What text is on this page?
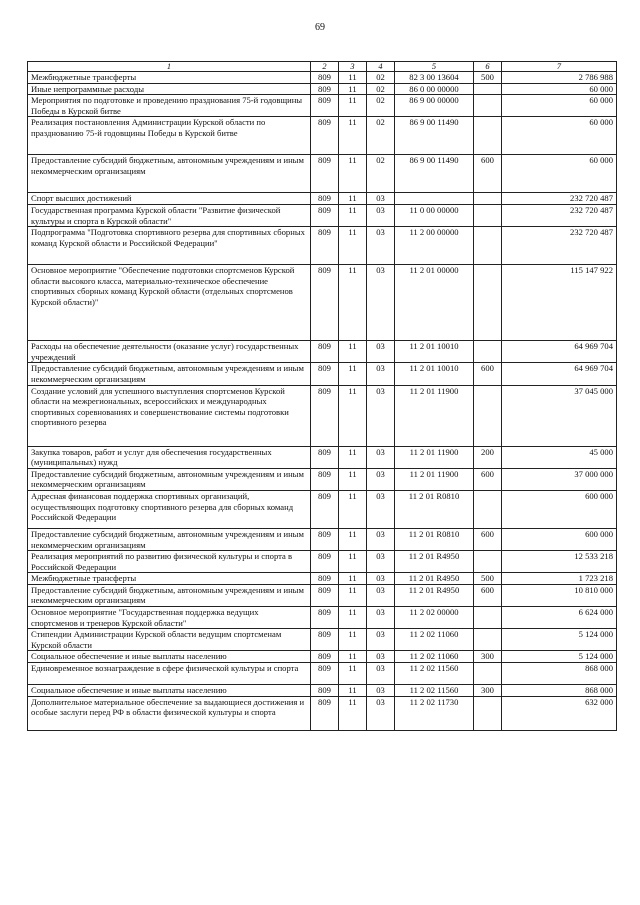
69
1	2	3	4	5	6	7
Межбюджетные трансферты	809	11	02	82 3 00 13604	500	2 786 988
Иные непрограммные расходы	809	11	02	86 0 00 00000		60 000
Мероприятия по подготовке и проведению празднования 75-й годовщины Победы в Курской битве	809	11	02	86 9 00 00000		60 000
Реализация постановления Администрации Курской области по празднованию 75-й годовщины Победы в Курской битве	809	11	02	86 9 00 11490		60 000
Предоставление субсидий бюджетным, автономным учреждениям и иным некоммерческим организациям	809	11	02	86 9 00 11490	600	60 000
Спорт высших достижений	809	11	03			232 720 487
Государственная программа Курской области "Развитие физической культуры и спорта в Курской области"	809	11	03	11 0 00 00000		232 720 487
Подпрограмма "Подготовка спортивного резерва для спортивных сборных команд Курской области и Российской Федерации"	809	11	03	11 2 00 00000		232 720 487
Основное мероприятие "Обеспечение подготовки спортсменов Курской области высокого класса, материально-техническое обеспечение спортивных сборных команд Курской области (отдельных спортсменов Курской области)"	809	11	03	11 2 01 00000		115 147 922
Расходы на обеспечение деятельности (оказание услуг) государственных учреждений	809	11	03	11 2 01 10010		64 969 704
Предоставление субсидий бюджетным, автономным учреждениям и иным некоммерческим организациям	809	11	03	11 2 01 10010	600	64 969 704
Создание условий для успешного выступления спортсменов Курской области на межрегиональных, всероссийских и международных спортивных соревнованиях и совершенствование системы подготовки спортивного резерва	809	11	03	11 2 01 11900		37 045 000
Закупка товаров, работ и услуг для обеспечения государственных (муниципальных) нужд	809	11	03	11 2 01 11900	200	45 000
Предоставление субсидий бюджетным, автономным учреждениям и иным некоммерческим организациям	809	11	03	11 2 01 11900	600	37 000 000
Адресная финансовая поддержка спортивных организаций, осуществляющих подготовку спортивного резерва для сборных команд Российской Федерации	809	11	03	11 2 01 R0810		600 000
Предоставление субсидий бюджетным, автономным учреждениям и иным некоммерческим организациям	809	11	03	11 2 01 R0810	600	600 000
Реализация мероприятий по развитию физической культуры и спорта в Российской Федерации	809	11	03	11 2 01 R4950		12 533 218
Межбюджетные трансферты	809	11	03	11 2 01 R4950	500	1 723 218
Предоставление субсидий бюджетным, автономным учреждениям и иным некоммерческим организациям	809	11	03	11 2 01 R4950	600	10 810 000
Основное мероприятие "Государственная поддержка ведущих спортсменов и тренеров Курской области"	809	11	03	11 2 02 00000		6 624 000
Стипендии Администрации Курской области ведущим спортсменам Курской области	809	11	03	11 2 02 11060		5 124 000
Социальное обеспечение и иные выплаты населению	809	11	03	11 2 02 11060	300	5 124 000
Единовременное вознаграждение в сфере физической культуры и спорта	809	11	03	11 2 02 11560		868 000
Социальное обеспечение и иные выплаты населению	809	11	03	11 2 02 11560	300	868 000
Дополнительное материальное обеспечение за выдающиеся достижения и особые заслуги перед РФ в области физической культуры и спорта	809	11	03	11 2 02 11730		632 000
